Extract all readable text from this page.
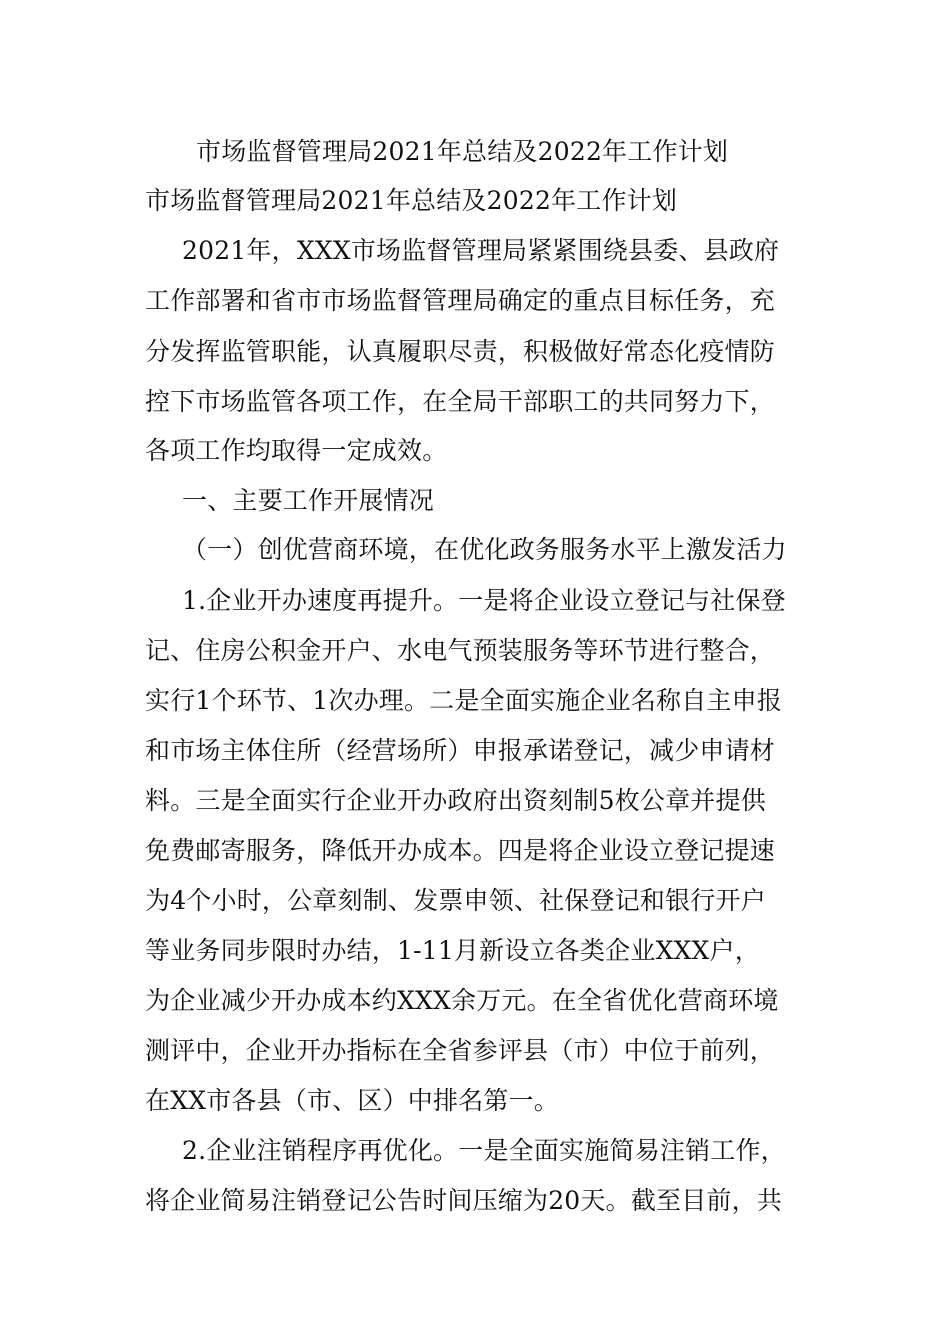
市场监督管理局2021年总结及2022年工作计划
市场监督管理局2021年总结及2022年工作计划
2021年，XXX市场监督管理局紧紧围绕县委、县政府
工作部署和省市市场监督管理局确定的重点目标任务，充
分发挥监管职能，认真履职尽责，积极做好常态化疫情防
控下市场监管各项工作，在全局干部职工的共同努力下，
各项工作均取得一定成效。
一、主要工作开展情况
（一）创优营商环境，在优化政务服务水平上激发活力
1.企业开办速度再提升。一是将企业设立登记与社保登
记、住房公积金开户、水电气预装服务等环节进行整合，
实行1个环节、1次办理。二是全面实施企业名称自主申报
和市场主体住所（经营场所）申报承诺登记，减少申请材
料。三是全面实行企业开办政府出资刻制5枚公章并提供
免费邮寄服务，降低开办成本。四是将企业设立登记提速
为4个小时，公章刻制、发票申领、社保登记和银行开户
等业务同步限时办结，1-11月新设立各类企业XXX户，
为企业减少开办成本约XXX余万元。在全省优化营商环境
测评中，企业开办指标在全省参评县（市）中位于前列，
在XX市各县（市、区）中排名第一。
2.企业注销程序再优化。一是全面实施简易注销工作，
将企业简易注销登记公告时间压缩为20天。截至目前，共
